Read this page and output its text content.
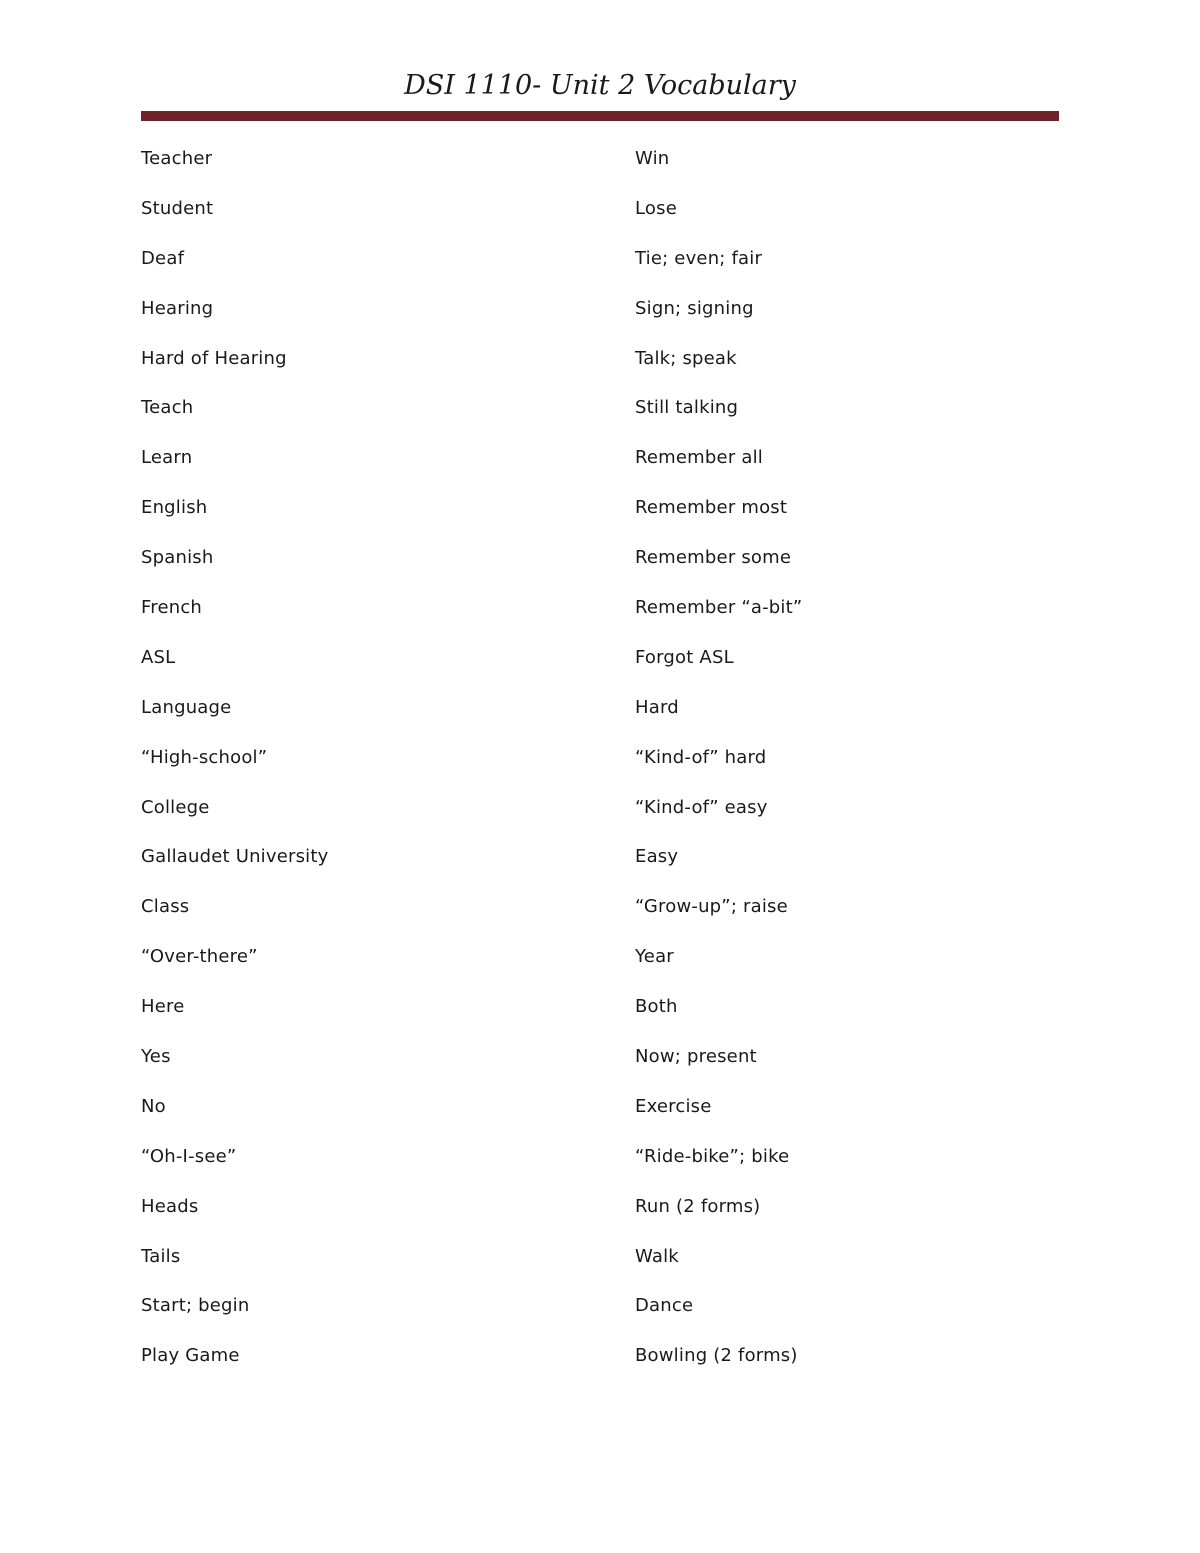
DSI 1110- Unit 2 Vocabulary
Teacher
Student
Deaf
Hearing
Hard of Hearing
Teach
Learn
English
Spanish
French
ASL
Language
“High-school”
College
Gallaudet University
Class
“Over-there”
Here
Yes
No
“Oh-I-see”
Heads
Tails
Start; begin
Play Game
Win
Lose
Tie; even; fair
Sign; signing
Talk; speak
Still talking
Remember all
Remember most
Remember some
Remember “a-bit”
Forgot ASL
Hard
“Kind-of” hard
“Kind-of” easy
Easy
“Grow-up”; raise
Year
Both
Now; present
Exercise
“Ride-bike”; bike
Run (2 forms)
Walk
Dance
Bowling (2 forms)
